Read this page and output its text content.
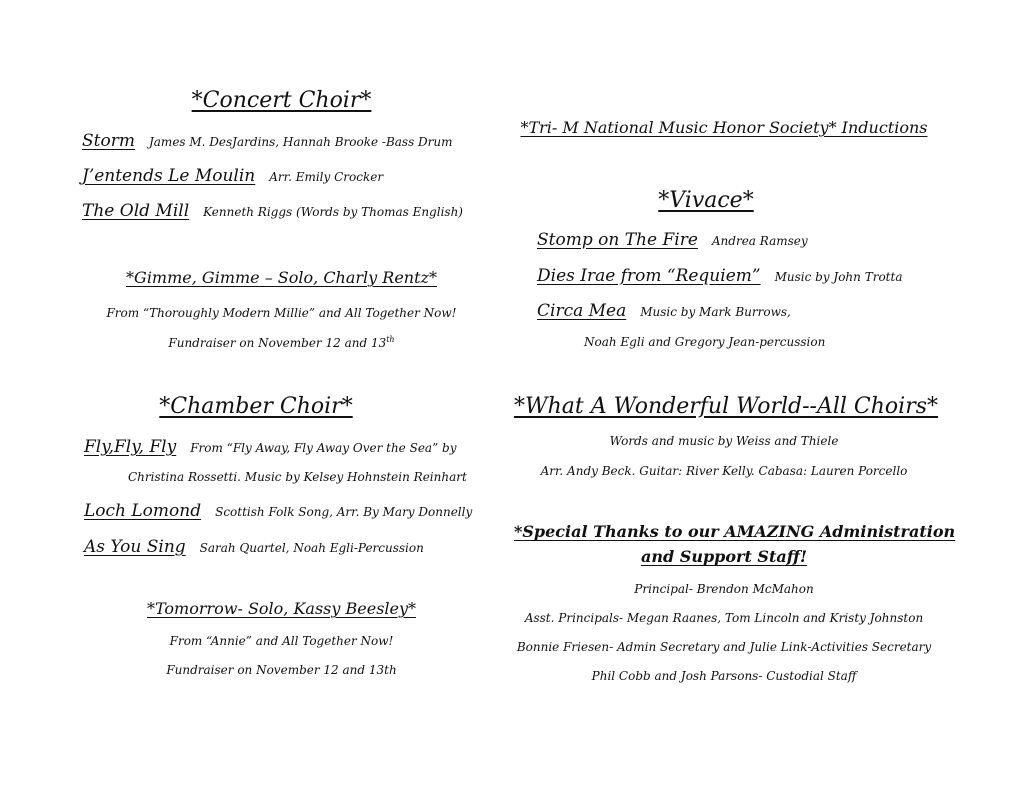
*Concert Choir*
Storm James M. DesJardins, Hannah Brooke -Bass Drum
J’entends Le Moulin Arr. Emily Crocker
The Old Mill Kenneth Riggs (Words by Thomas English)
*Gimme, Gimme – Solo, Charly Rentz*
From “Thoroughly Modern Millie” and All Together Now!
Fundraiser on November 12 and 13th
*Chamber Choir*
Fly,Fly, Fly From “Fly Away, Fly Away Over the Sea” by
Christina Rossetti. Music by Kelsey Hohnstein Reinhart
Loch Lomond Scottish Folk Song, Arr. By Mary Donnelly
As You Sing Sarah Quartel, Noah Egli-Percussion
*Tomorrow- Solo, Kassy Beesley*
From “Annie” and All Together Now!
Fundraiser on November 12 and 13th
*Tri- M National Music Honor Society* Inductions
*Vivace*
Stomp on The Fire Andrea Ramsey
Dies Irae from “Requiem” Music by John Trotta
Circa Mea Music by Mark Burrows,
Noah Egli and Gregory Jean-percussion
*What A Wonderful World--All Choirs*
Words and music by Weiss and Thiele
Arr. Andy Beck. Guitar: River Kelly. Cabasa: Lauren Porcello
*Special Thanks to our AMAZING Administration
and Support Staff!
Principal- Brendon McMahon
Asst. Principals- Megan Raanes, Tom Lincoln and Kristy Johnston
Bonnie Friesen- Admin Secretary and Julie Link-Activities Secretary
Phil Cobb and Josh Parsons- Custodial Staff
